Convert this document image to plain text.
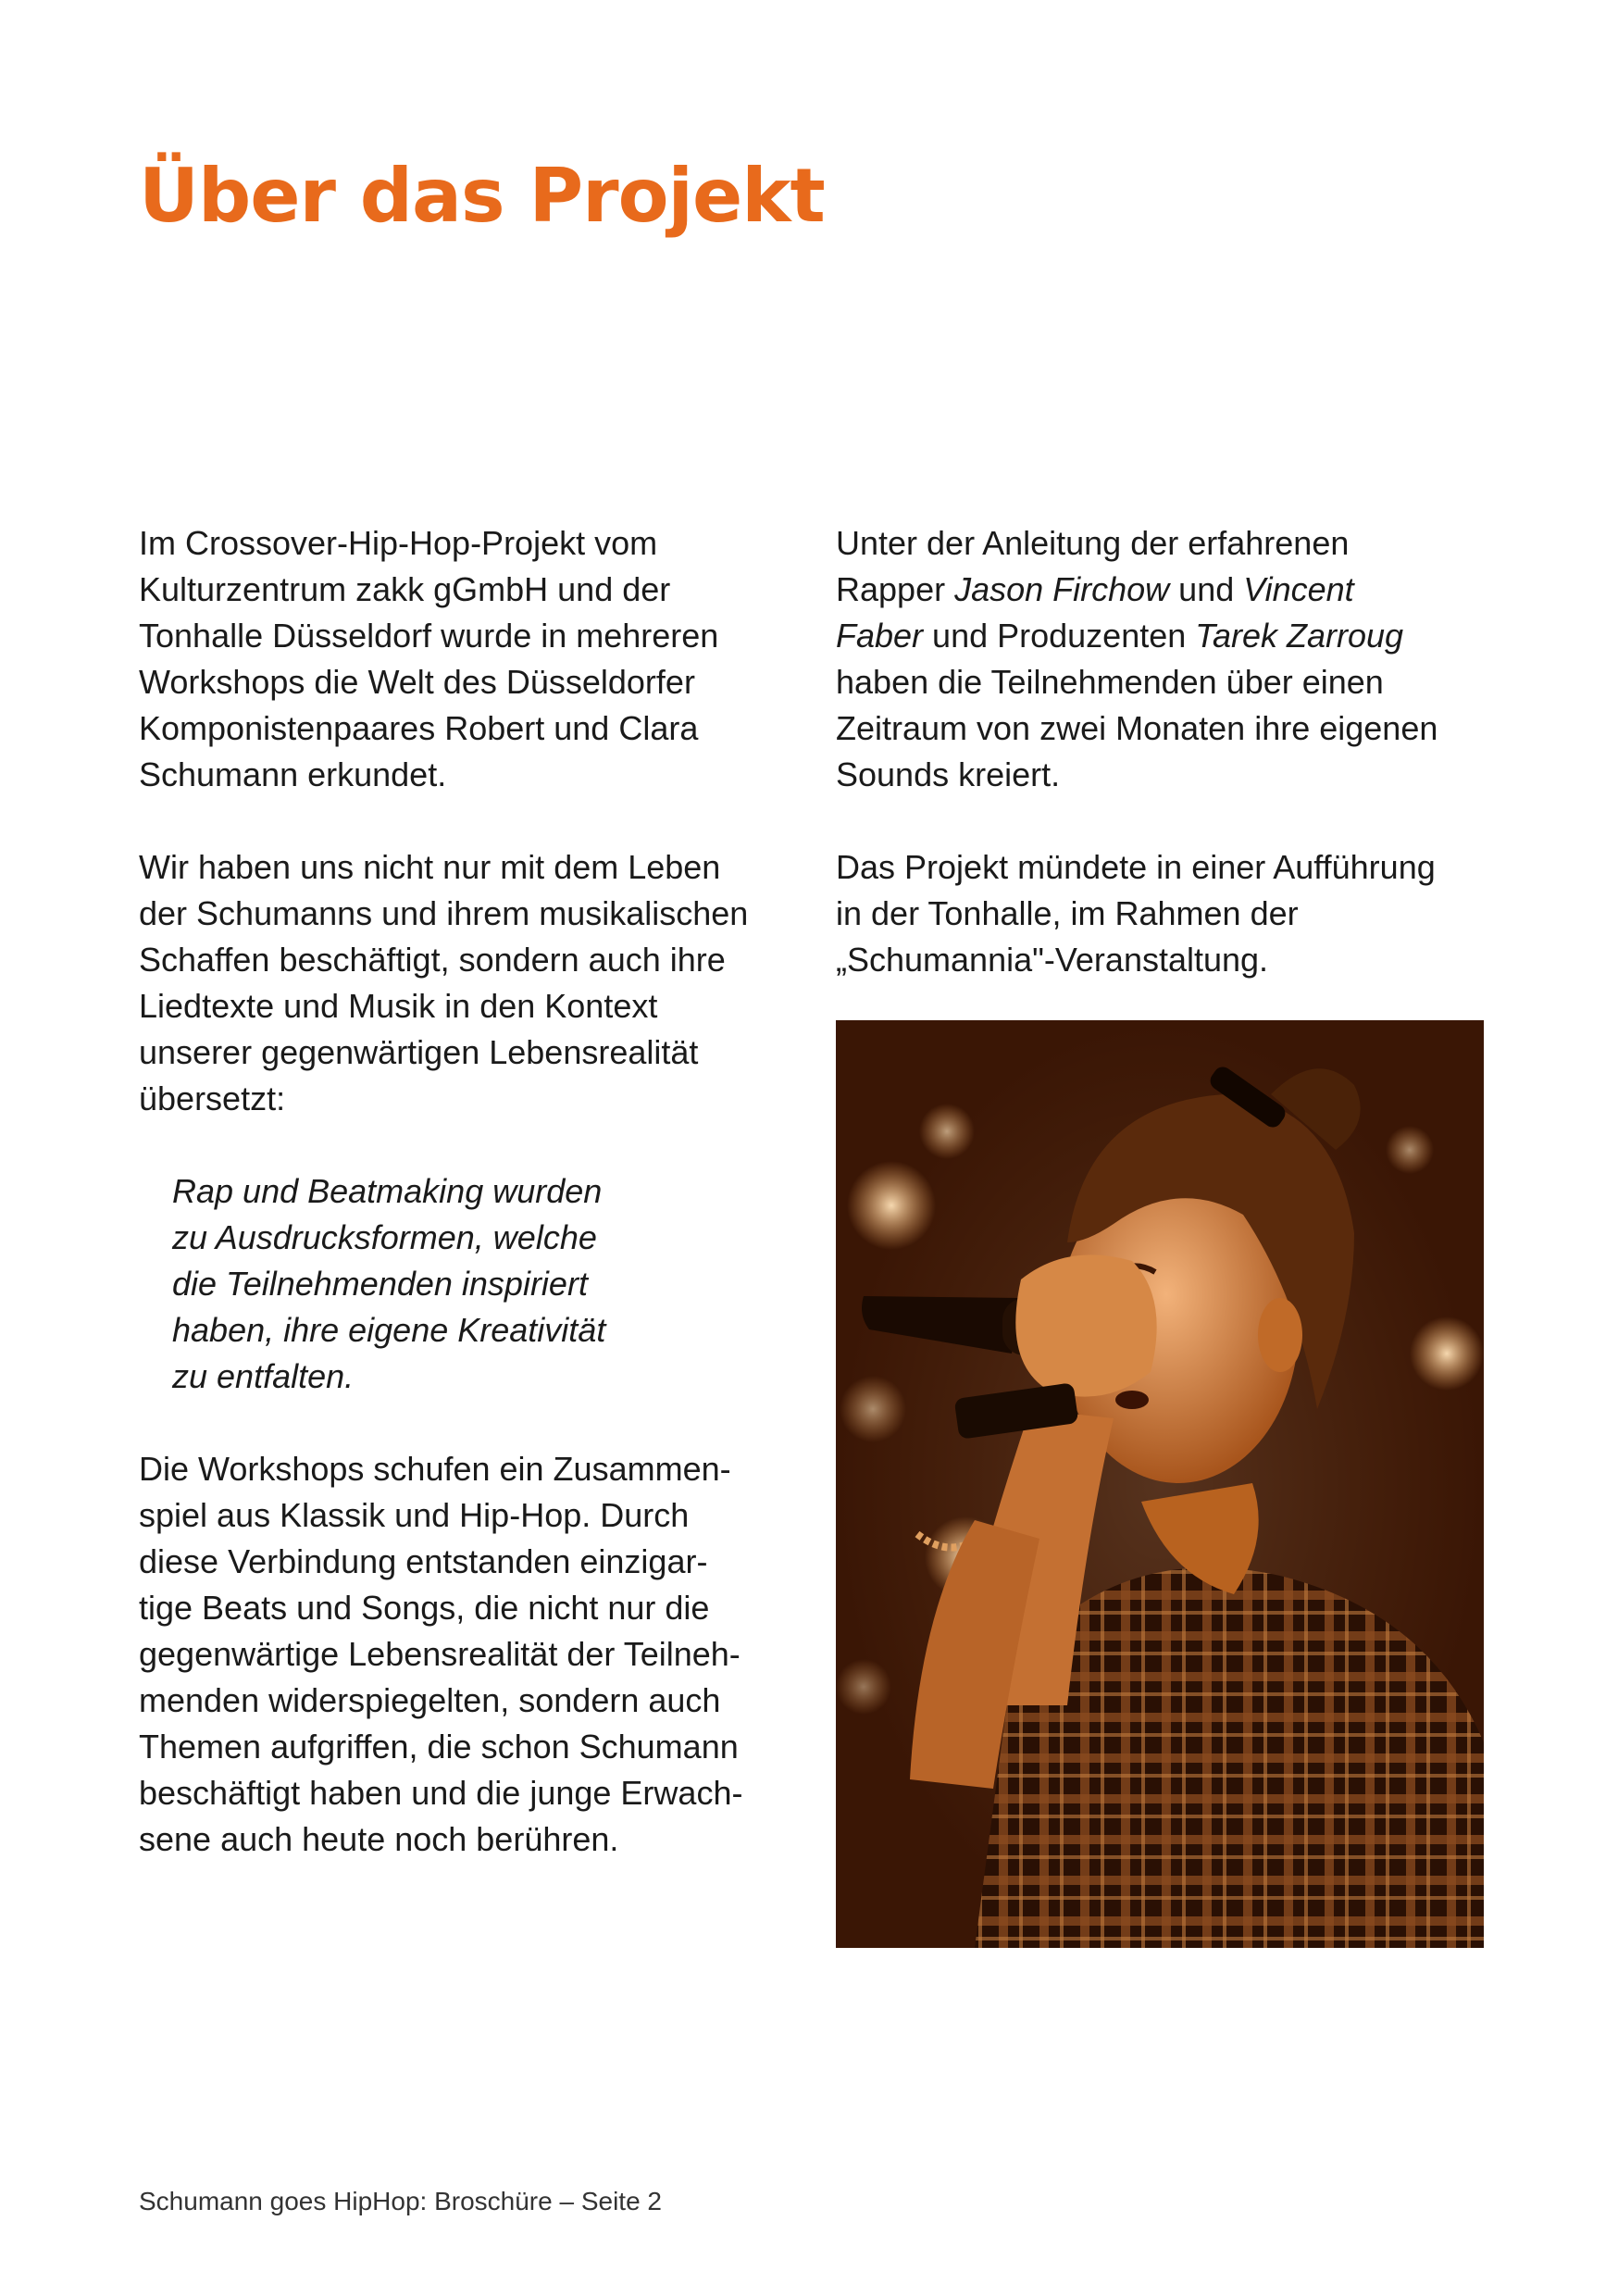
Über das Projekt

Im Crossover-Hip-Hop-Projekt vom
Kulturzentrum zakk gGmbH und der
Tonhalle Düsseldorf wurde in mehreren
Workshops die Welt des Düsseldorfer
Komponistenpaares Robert und Clara
Schumann erkundet.

Wir haben uns nicht nur mit dem Leben
der Schumanns und ihrem musikalischen
Schaffen beschäftigt, sondern auch ihre
Liedtexte und Musik in den Kontext
unserer gegenwärtigen Lebensrealität
übersetzt:

Rap und Beatmaking wurden
zu Ausdrucksformen, welche
die Teilnehmenden inspiriert
haben, ihre eigene Kreativität
zu entfalten.

Die Workshops schufen ein Zusammen-
spiel aus Klassik und Hip-Hop. Durch
diese Verbindung entstanden einzigar-
tige Beats und Songs, die nicht nur die
gegenwärtige Lebensrealität der Teilneh-
menden widerspiegelten, sondern auch
Themen aufgriffen, die schon Schumann
beschäftigt haben und die junge Erwach-
sene auch heute noch berühren.

Unter der Anleitung der erfahrenen
Rapper Jason Firchow und Vincent
Faber und Produzenten Tarek Zarroug
haben die Teilnehmenden über einen
Zeitraum von zwei Monaten ihre eigenen
Sounds kreiert.

Das Projekt mündete in einer Aufführung
in der Tonhalle, im Rahmen der
„Schumannia"-Veranstaltung.

Schumann goes HipHop: Broschüre – Seite 2
